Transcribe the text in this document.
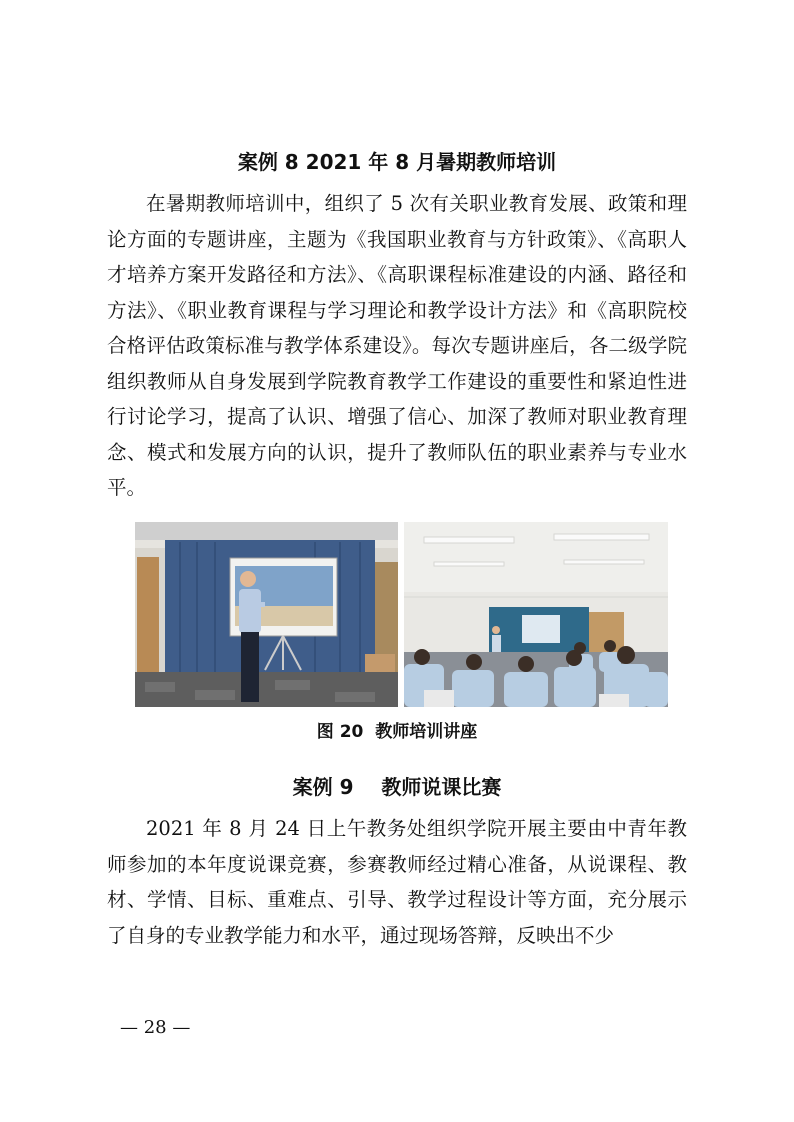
案例 8 2021 年 8 月暑期教师培训

在暑期教师培训中，组织了 5 次有关职业教育发展、政策和理论方面的专题讲座，主题为《我国职业教育与方针政策》、《高职人才培养方案开发路径和方法》、《高职课程标准建设的内涵、路径和方法》、《职业教育课程与学习理论和教学设计方法》和《高职院校合格评估政策标准与教学体系建设》。每次专题讲座后，各二级学院组织教师从自身发展到学院教育教学工作建设的重要性和紧迫性进行讨论学习，提高了认识、增强了信心、加深了教师对职业教育理念、模式和发展方向的认识，提升了教师队伍的职业素养与专业水平。

图 20  教师培训讲座
案例 9    教师说课比赛

2021 年 8 月 24 日上午教务处组织学院开展主要由中青年教师参加的本年度说课竞赛，参赛教师经过精心准备，从说课程、教材、学情、目标、重难点、引导、教学过程设计等方面，充分展示了自身的专业教学能力和水平，通过现场答辩，反映出不少

— 28 —
